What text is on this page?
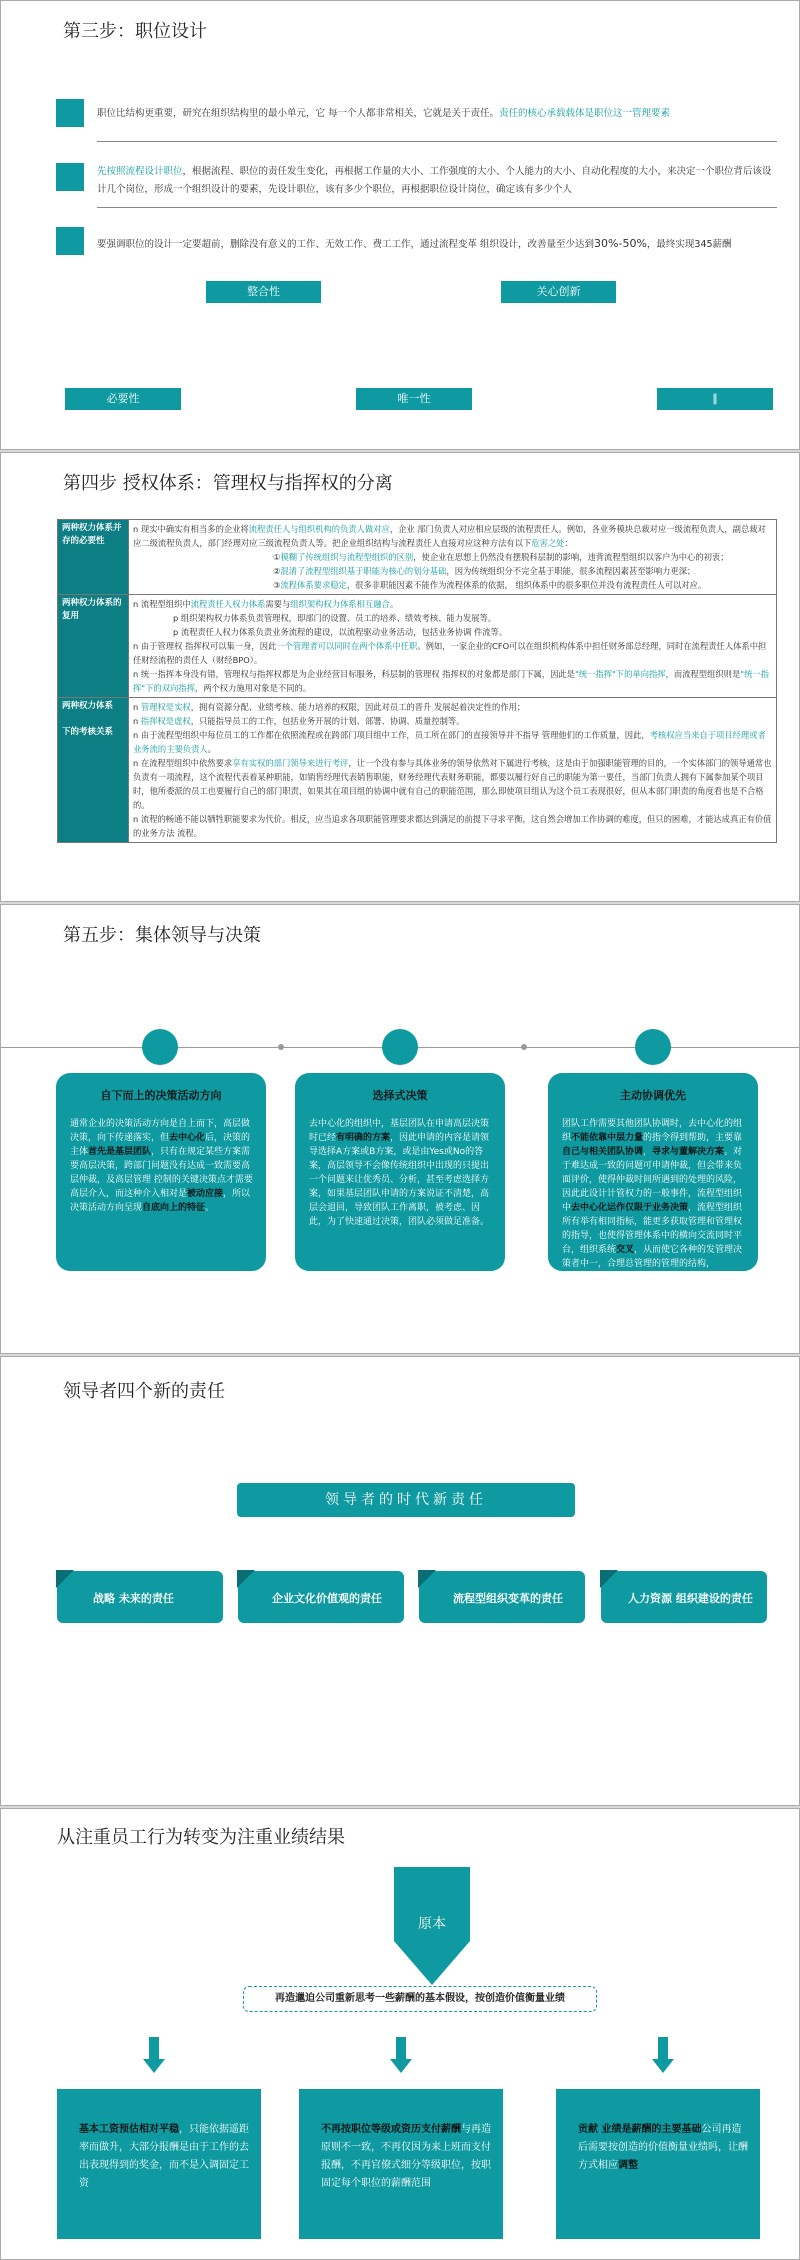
第三步：职位设计
职位比结构更重要，研究在组织结构里的最小单元，它 每一个人都非常相关，它就是关于责任。责任的核心承载载体是职位这一管理要素
先按照流程设计职位，根据流程、职位的责任发生变化，再根据工作量的大小、工作强度的大小、个人能力的大小、自动化程度的大小，来决定一个职位背后该设计几个岗位，形成一个组织设计的要素，先设计职位，该有多少个职位，再根据职位设计岗位，确定该有多少个人
要强调职位的设计一定要超前，删除没有意义的工作、无效工作、费工工作，通过流程变革 组织设计，改善量至少达到30%-50%，最终实现345薪酬
整合性	关心创新
必要性	唯一性	∥
第四步 授权体系：管理权与指挥权的分离
两种权力体系并存的必要性	n 现实中确实有相当多的企业将流程责任人与组织机构的负责人做对应，企业 部门负责人对应相应层级的流程责任人。例如，各业务模块总裁对应一级流程负责人，副总裁对应二级流程负责人，部门经理对应三级流程负责人等。把企业组织结构与流程责任人直接对应这种方法有以下危害之处：
①模糊了传统组织与流程型组织的区别，使企业在思想上仍然没有摆脱科层制的影响，违背流程型组织以客户为中心的初衷；
②混淆了流程型组织基于职能为核心的划分基础，因为传统组织分不完全基于职能，很多流程因素甚至影响力更深；
③流程体系要求稳定，很多非职能因素不能作为流程体系的依据， 组织体系中的很多职位并没有流程责任人可以对应。
两种权力体系的复用	n 流程型组织中流程责任人权力体系需要与组织架构权力体系相互融合。
p 组织架构权力体系负责管理权，即部门的设置、员工的培养、绩效考核、能力发展等。
p 流程责任人权力体系负责业务流程的建设，以流程驱动业务活动，包括业务协调 件流等。
n 由于管理权 指挥权可以集一身，因此一个管理者可以同时在两个体系中任职。例如，一家企业的CFO可以在组织机构体系中担任财务部总经理，同时在流程责任人体系中担任财经流程的责任人（财经BPO）。
n 统一指挥本身没有错，管理权与指挥权都是为企业经营目标服务，科层制的管理权 指挥权的对象都是部门下属，因此是"统一指挥"下的单向指挥，而流程型组织则是"统一指挥"下的双向指挥，两个权力施用对象是不同的。
两种权力体系

下的考核关系	n 管理权是实权，拥有资源分配、业绩考核、能力培养的权限，因此对员工的晋升 发展起着决定性的作用；
n 指挥权是虚权，只能指导员工的工作，包括业务开展的计划、部署、协调、质量控制等。
n 由于流程型组织中每位员工的工作都在依照流程或在跨部门项目组中工作，员工所在部门的直接领导并不指导 管理他们的工作质量，因此，考核权应当来自于项目经理或者业务流的主要负责人。
n 在流程型组织中依然要求享有实权的部门领导来进行考评，让一个没有参与具体业务的领导依然对下属进行考核，这是由于加强职能管理的目的，一个实体部门的领导通常也负责有一项流程，这个流程代表着某种职能，如销售经理代表销售职能，财务经理代表财务职能，都要以履行好自己的职能为第一要任，当部门负责人拥有下属参加某个项目时，他所委派的员工也要履行自己的部门职责，如果其在项目组的协调中就有自己的职能范围，那么即使项目组认为这个员工表现很好，但从本部门职责的角度看也是不合格的。
n 流程的畅通不能以牺牲职能要求为代价。相反，应当追求各项职能管理要求都达到满足的前提下寻求平衡，这自然会增加工作协调的难度，但只的困难，才能达成真正有价值的业务方法 流程。
第五步：集体领导与决策
自下而上的决策活动方向
通常企业的决策活动方向是自上而下，高层做决策，向下传递落实，但去中心化后，决策的主体首先是基层团队，只有在规定某些方案需要高层决策，跨部门问题没有达成一致需要高层仲裁，及高层管理 控制的关键决策点才需要高层介入，而这种介入相对是被动应接，所以决策活动方向呈现自底向上的特征。
选择式决策
去中心化的组织中，基层团队在申请高层决策时已经有明确的方案，因此申请的内容是请领导选择A方案或B方案，或是由Yes或No的答案，高层领导不会像传统组织中出现的只提出一个问题来让优秀员、分析，甚至考虑选择方案，如果基层团队申请的方案说证不清楚，高层会退回，导致团队工作离职，被考虑、因此，为了快速通过决策，团队必须做足准备。
主动协调优先
团队工作需要其他团队协调时，去中心化的组织不能依靠中层力量的指令得到帮助，主要靠自己与相关团队协调，寻求与董解决方案。对于难达成一致的问题可申请仲裁，但会带来负面评价，使得仲裁时间所遇到的处理的风险，因此此设计计管权力的一般事件，流程型组织中去中心化运作仅限于业务决策，流程型组织所有举有相同指标，能更多获取管理和管理权的指导，也使得管理体系中的横向交流同时平台，组织系统交叉，从而使它各种的发管理决策者中一，合理总管理的管理的结构，
领导者四个新的责任
领导者的时代新责任
战略 未来的责任	企业文化价值观的责任	流程型组织变革的责任	人力资源 组织建设的责任
从注重员工行为转变为注重业绩结果
原本
再造邋迫公司重新思考一些薪酬的基本假设，按创造价值衡量业绩
基本工资预估相对平稳，只能依据遥距率而做升，大部分报酬是由于工作的去出表现得到的奖金，而不是入调固定工资
不再按职位等级或资历支付薪酬与再造原则不一致，不再仅因为来上班而支付报酬，不再官僚式细分等级职位，按职固定每个职位的薪酬范围
贡献 业绩是薪酬的主要基础公司再造后需要按创造的价值衡量业绩吗，让酬方式相应调整
